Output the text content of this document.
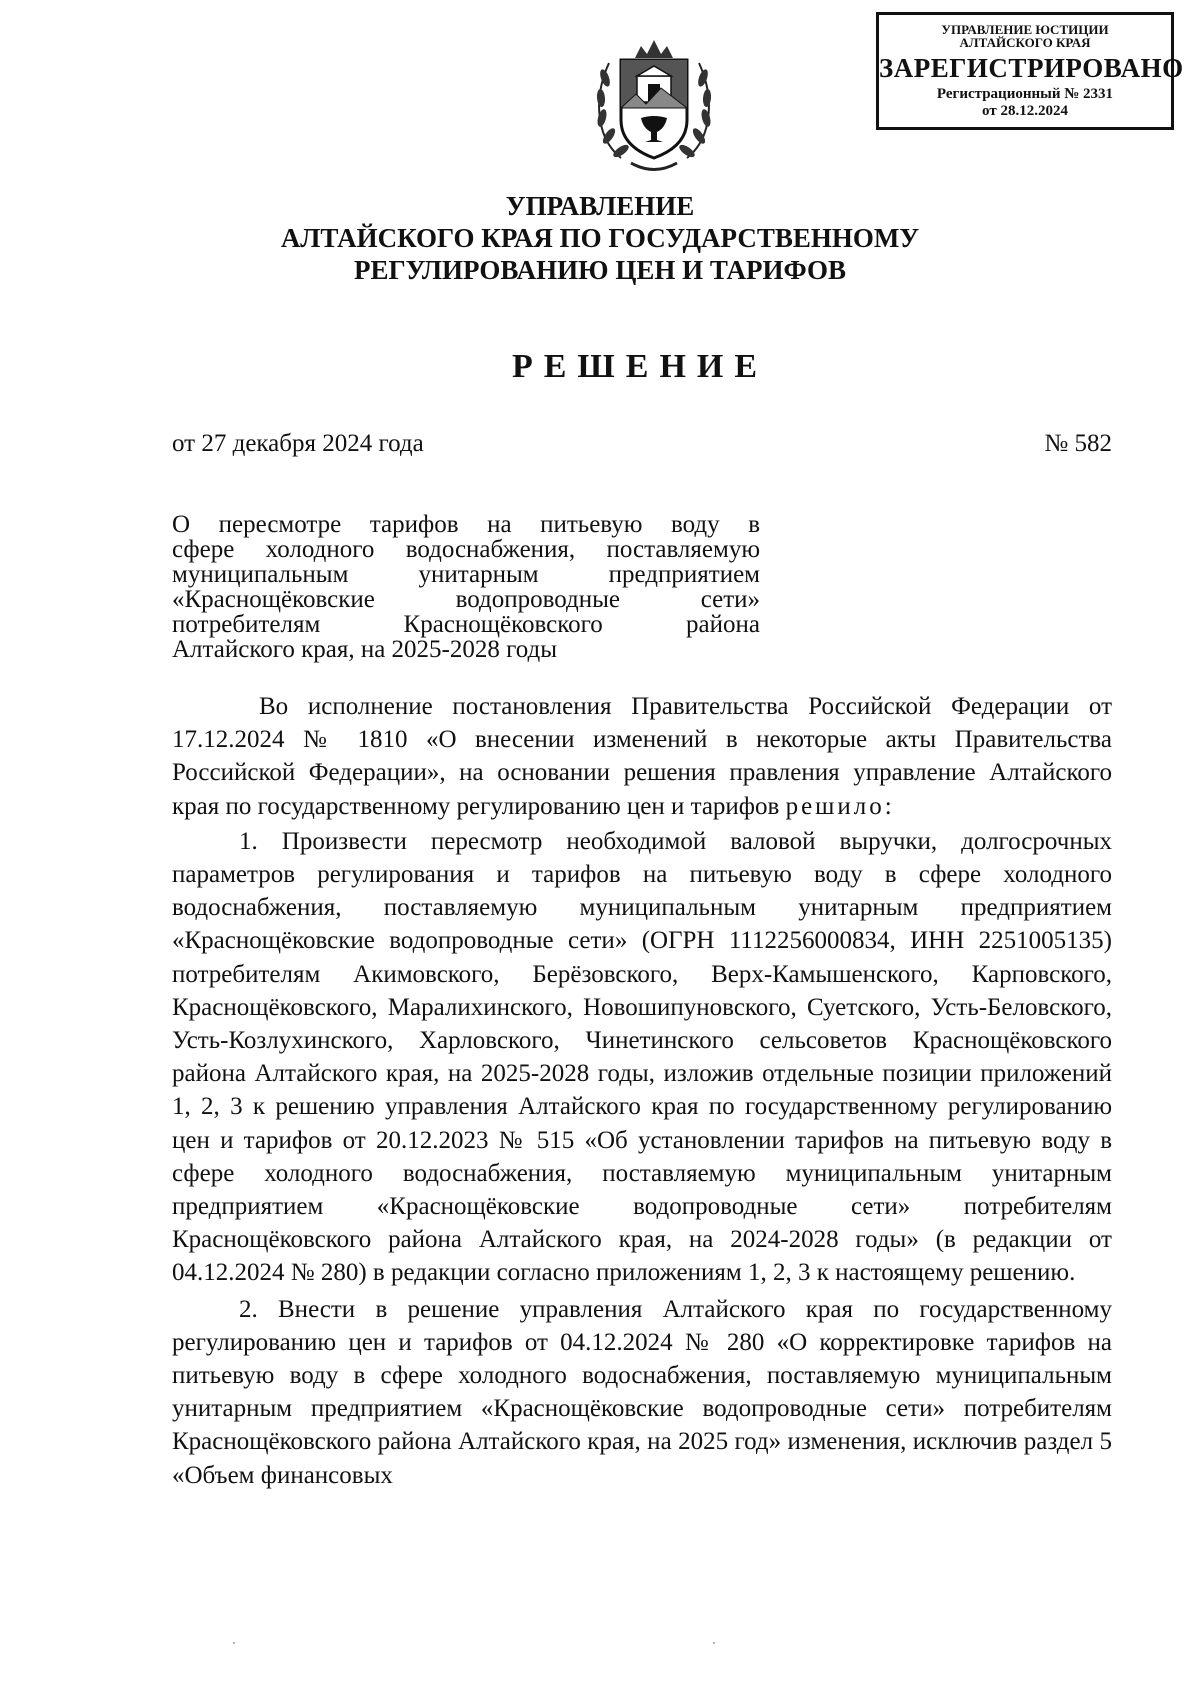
УПРАВЛЕНИЕ ЮСТИЦИИ
АЛТАЙСКОГО КРАЯ
ЗАРЕГИСТРИРОВАНО
Регистрационный № 2331
от 28.12.2024
УПРАВЛЕНИЕ
АЛТАЙСКОГО КРАЯ ПО ГОСУДАРСТВЕННОМУ
РЕГУЛИРОВАНИЮ ЦЕН И ТАРИФОВ
РЕШЕНИЕ
от 27 декабря 2024 года	№ 582
О пересмотре тарифов на питьевую воду в
сфере холодного водоснабжения, поставляемую
муниципальным унитарным предприятием
«Краснощёковские водопроводные сети»
потребителям Краснощёковского района
Алтайского края, на 2025-2028 годы

Во исполнение постановления Правительства Российской Федерации от 17.12.2024 № 1810 «О внесении изменений в некоторые акты Правительства Российской Федерации», на основании решения правления управление Алтайского края по государственному регулированию цен и тарифов решило:

1. Произвести пересмотр необходимой валовой выручки, долгосрочных параметров регулирования и тарифов на питьевую воду в сфере холодного водоснабжения, поставляемую муниципальным унитарным предприятием «Краснощёковские водопроводные сети» (ОГРН 1112256000834, ИНН 2251005135) потребителям Акимовского, Берёзовского, Верх-Камышенского, Карповского, Краснощёковского, Маралихинского, Новошипуновского, Суетского, Усть-Беловского, Усть-Козлухинского, Харловского, Чинетинского сельсоветов Краснощёковского района Алтайского края, на 2025-2028 годы, изложив отдельные позиции приложений 1, 2, 3 к решению управления Алтайского края по государственному регулированию цен и тарифов от 20.12.2023 № 515 «Об установлении тарифов на питьевую воду в сфере холодного водоснабжения, поставляемую муниципальным унитарным предприятием «Краснощёковские водопроводные сети» потребителям Краснощёковского района Алтайского края, на 2024-2028 годы» (в редакции от 04.12.2024 № 280) в редакции согласно приложениям 1, 2, 3 к настоящему решению.

2. Внести в решение управления Алтайского края по государственному регулированию цен и тарифов от 04.12.2024 № 280 «О корректировке тарифов на питьевую воду в сфере холодного водоснабжения, поставляемую муниципальным унитарным предприятием «Краснощёковские водопроводные сети» потребителям Краснощёковского района Алтайского края, на 2025 год» изменения, исключив раздел 5 «Объем финансовых
